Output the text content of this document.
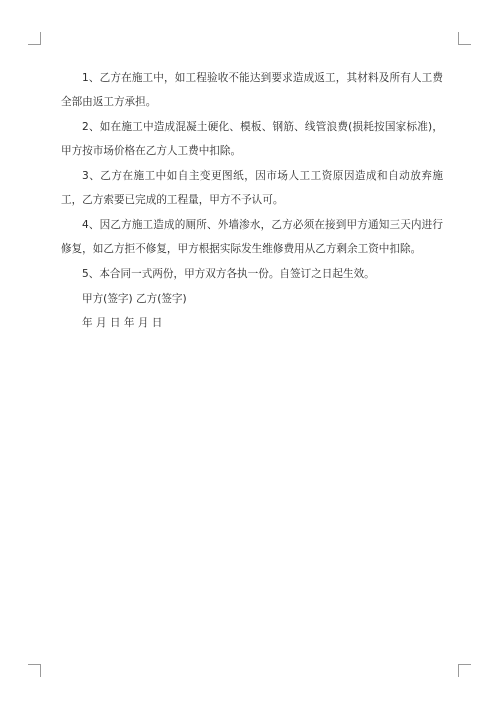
1、乙方在施工中，如工程验收不能达到要求造成返工，其材料及所有人工费全部由返工方承担。

2、如在施工中造成混凝土硬化、模板、钢筋、线管浪费(损耗按国家标准)，甲方按市场价格在乙方人工费中扣除。

3、乙方在施工中如自主变更图纸，因市场人工工资原因造成和自动放弃施工，乙方索要已完成的工程量，甲方不予认可。

4、因乙方施工造成的厕所、外墙渗水，乙方必须在接到甲方通知三天内进行修复，如乙方拒不修复，甲方根据实际发生维修费用从乙方剩余工资中扣除。

5、本合同一式两份，甲方双方各执一份。自签订之日起生效。

甲方(签字) 乙方(签字)

年 月 日 年 月 日
